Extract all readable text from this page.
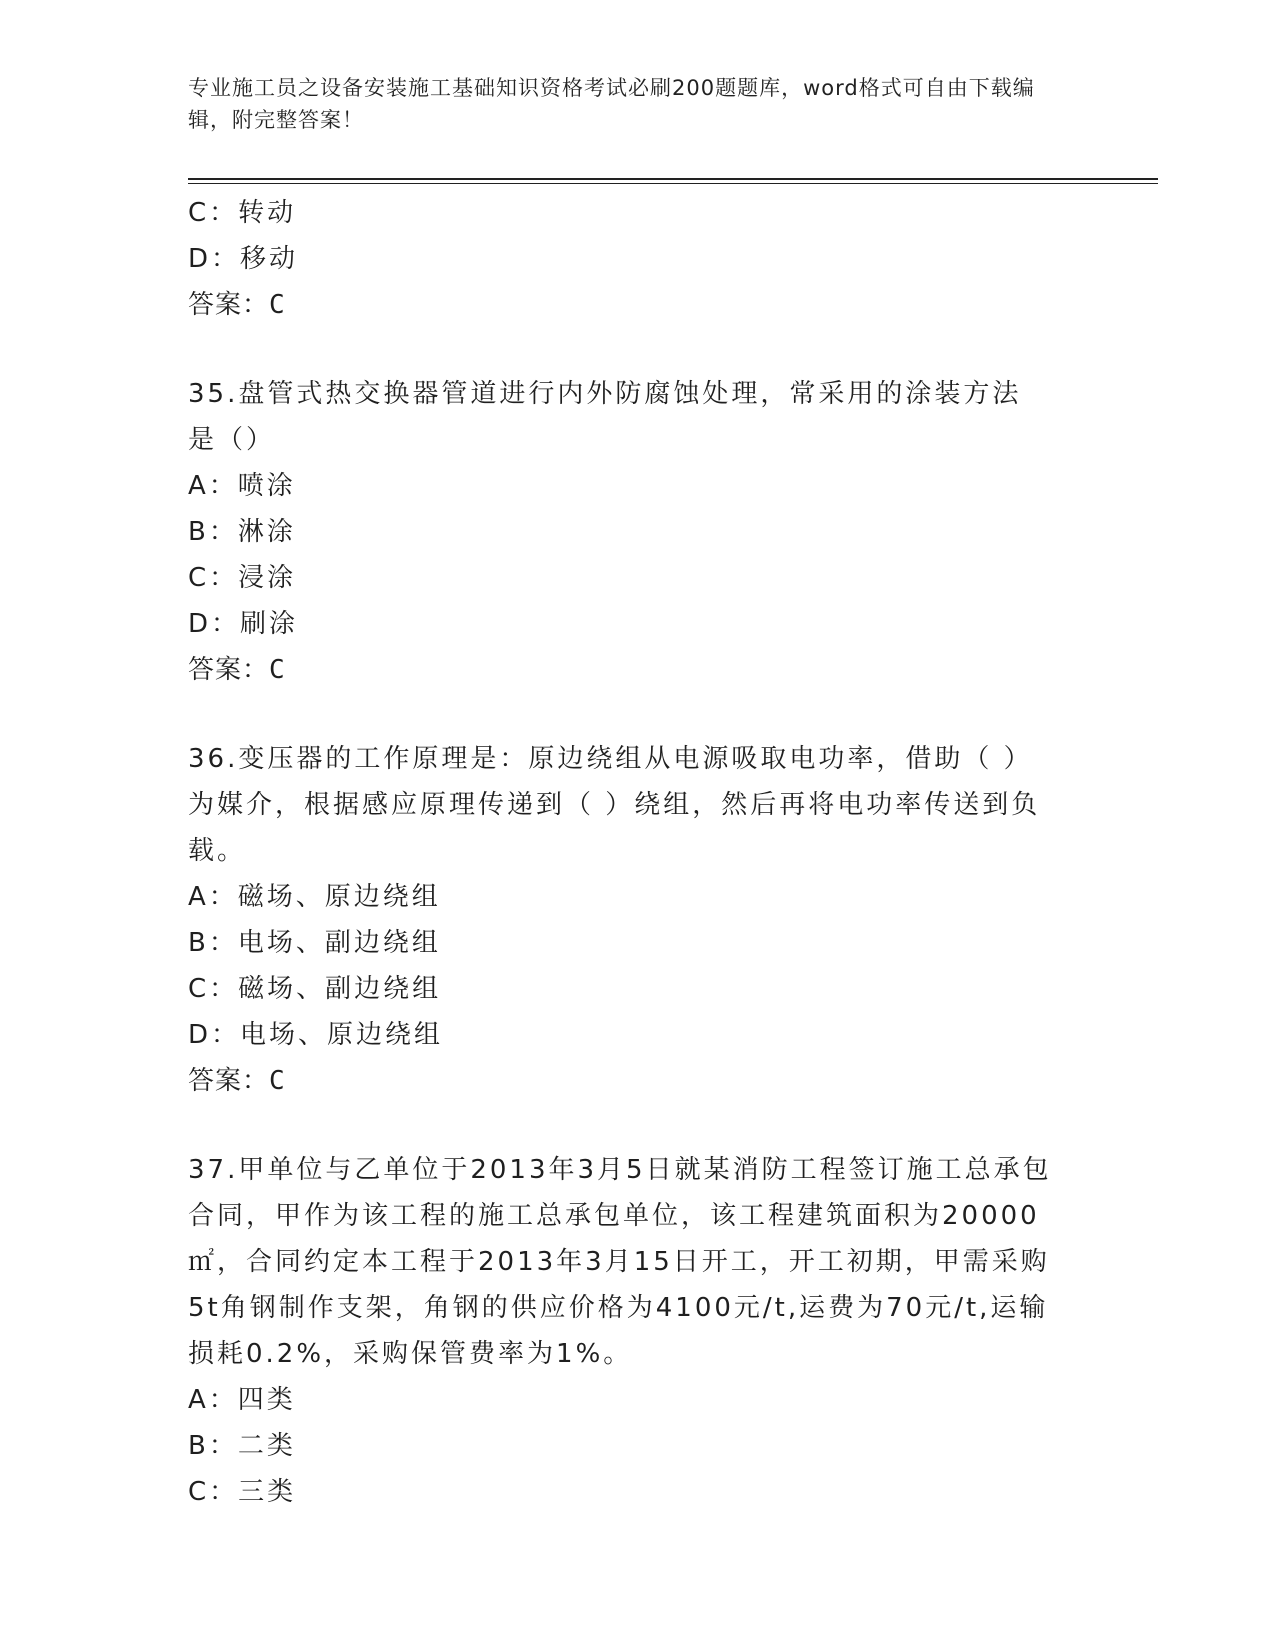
专业施工员之设备安装施工基础知识资格考试必刷200题题库，word格式可自由下载编辑，附完整答案！
C：转动
D：移动
答案：C
35.盘管式热交换器管道进行内外防腐蚀处理，常采用的涂装方法是（）
A：喷涂
B：淋涂
C：浸涂
D：刷涂
答案：C
36.变压器的工作原理是：原边绕组从电源吸取电功率，借助（ ）为媒介，根据感应原理传递到（ ）绕组，然后再将电功率传送到负载。
A：磁场、原边绕组
B：电场、副边绕组
C：磁场、副边绕组
D：电场、原边绕组
答案：C
37.甲单位与乙单位于2013年3月5日就某消防工程签订施工总承包合同，甲作为该工程的施工总承包单位，该工程建筑面积为20000㎡，合同约定本工程于2013年3月15日开工，开工初期，甲需采购5t角钢制作支架，角钢的供应价格为4100元/t,运费为70元/t,运输损耗0.2%，采购保管费率为1%。
A：四类
B：二类
C：三类
